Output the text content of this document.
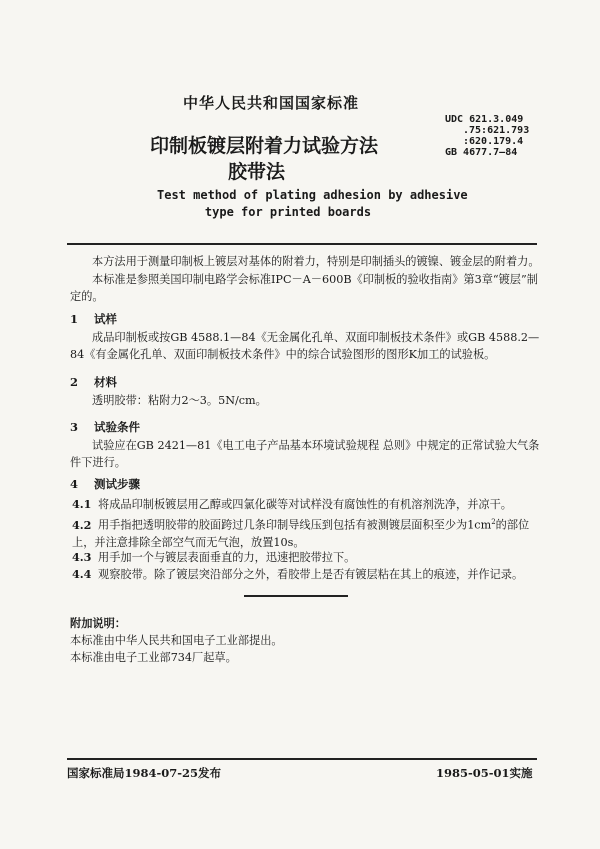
中华人民共和国国家标准
UDC 621.3.049
.75:621.793
:620.179.4
GB 4677.7—84
印制板镀层附着力试验方法
胶带法
Test method of plating adhesion by adhesive
type for printed boards
本方法用于测量印制板上镀层对基体的附着力，特别是印制插头的镀镍、镀金层的附着力。
本标准是参照美国印制电路学会标准IPC－A－600B《印制板的验收指南》第3章“镀层”制定的。
1 试样
成品印制板或按GB 4588.1—84《无金属化孔单、双面印制板技术条件》或GB 4588.2—84《有金属化孔单、双面印制板技术条件》中的综合试验图形的图形K加工的试验板。
2 材料
透明胶带：粘附力2～3。5N/cm。
3 试验条件
试验应在GB 2421—81《电工电子产品基本环境试验规程 总则》中规定的正常试验大气条件下进行。
4 测试步骤
4.1 将成品印制板镀层用乙醇或四氯化碳等对试样没有腐蚀性的有机溶剂洗净，并凉干。
4.2 用手指把透明胶带的胶面跨过几条印制导线压到包括有被测镀层面积至少为$1cm^2$的部位上，并注意排除全部空气而无气泡，放置10s。
4.3 用手加一个与镀层表面垂直的力，迅速把胶带拉下。
4.4 观察胶带。除了镀层突沿部分之外，看胶带上是否有镀层粘在其上的痕迹，并作记录。
附加说明：
本标准由中华人民共和国电子工业部提出。
本标准由电子工业部734厂起草。
国家标准局1984-07-25发布	1985-05-01实施
